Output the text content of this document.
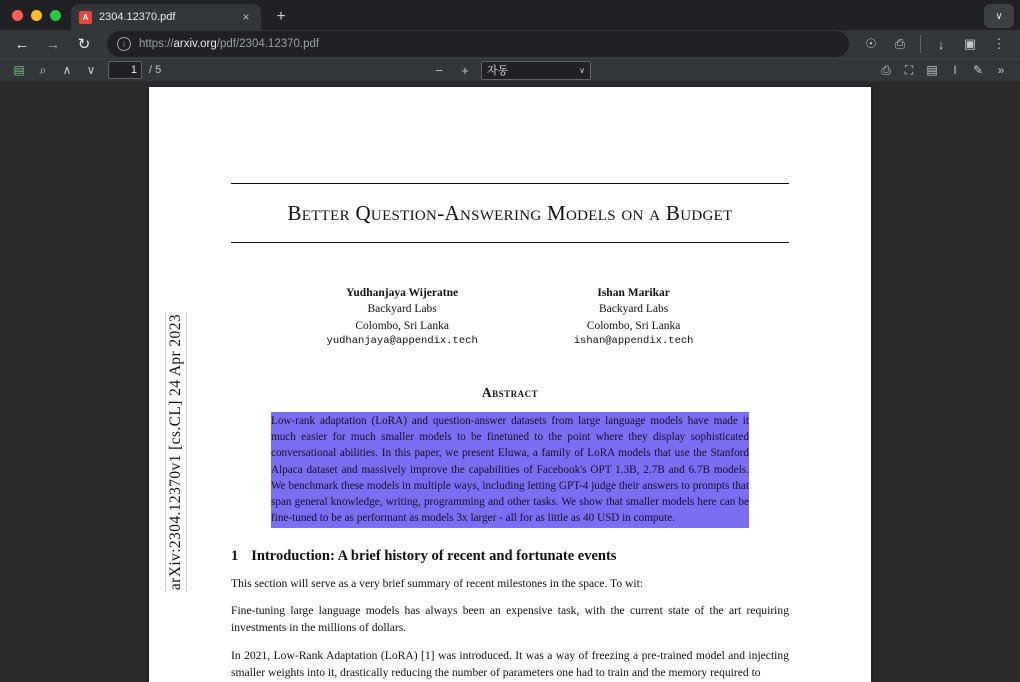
A 2304.12370.pdf	×	+	∨
←	→	↻	i	https://arxiv.org/pdf/2304.12370.pdf	☉	⎙	↓	▣	⋮
▤	⌕	∧	∨	1	/ 5	−	+	자동	∨	⎙	⛶	▤	I	✎	»
arXiv:2304.12370v1 [cs.CL] 24 Apr 2023
Better Question-Answering Models on a Budget
Yudhanjaya Wijeratne
Backyard Labs
Colombo, Sri Lanka
yudhanjaya@appendix.tech
Ishan Marikar
Backyard Labs
Colombo, Sri Lanka
ishan@appendix.tech
Abstract
Low-rank adaptation (LoRA) and question-answer datasets from large language models have made it much easier for much smaller models to be finetuned to the point where they display sophisticated conversational abilities. In this paper, we present Eluwa, a family of LoRA models that use the Stanford Alpaca dataset and massively improve the capabilities of Facebook's OPT 1.3B, 2.7B and 6.7B models. We benchmark these models in multiple ways, including letting GPT-4 judge their answers to prompts that span general knowledge, writing, programming and other tasks. We show that smaller models here can be fine-tuned to be as performant as models 3x larger - all for as little as 40 USD in compute.
1 Introduction: A brief history of recent and fortunate events
This section will serve as a very brief summary of recent milestones in the space. To wit:
Fine-tuning large language models has always been an expensive task, with the current state of the art requiring investments in the millions of dollars.
In 2021, Low-Rank Adaptation (LoRA) [1] was introduced. It was a way of freezing a pre-trained model and injecting smaller weights into it, drastically reducing the number of parameters one had to train and the memory required to
